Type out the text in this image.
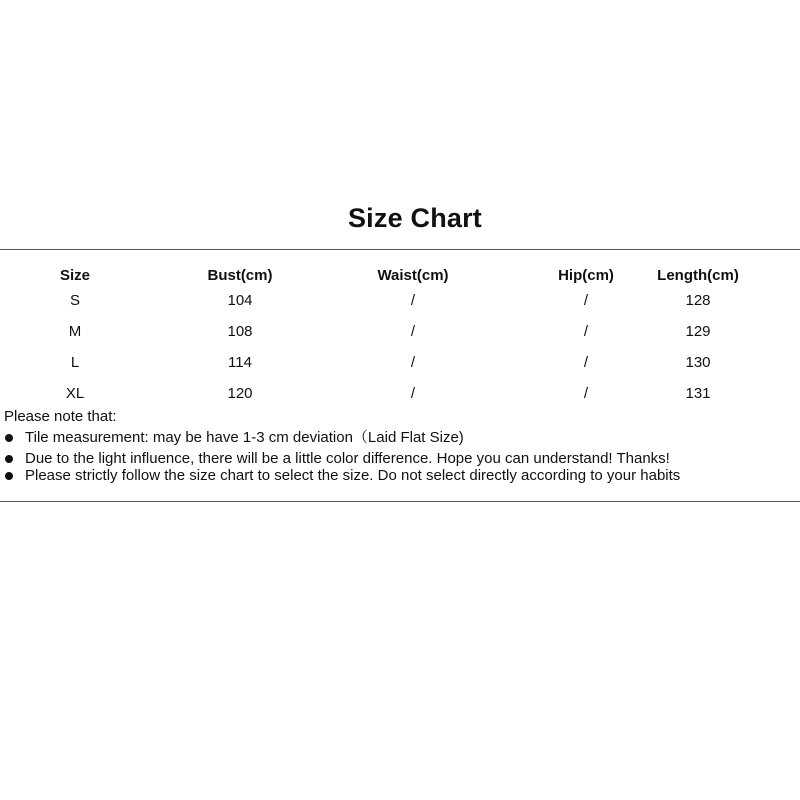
Size Chart
Size	Bust(cm)	Waist(cm)	Hip(cm)	Length(cm)
S	104	/	/	128
M	108	/	/	129
L	114	/	/	130
XL	120	/	/	131
Please note that:
Tile measurement: may be have 1-3 cm deviation（Laid Flat Size)
Due to the light influence, there will be a little color difference. Hope you can understand! Thanks!
Please strictly follow the size chart to select the size. Do not select directly according to your habits
